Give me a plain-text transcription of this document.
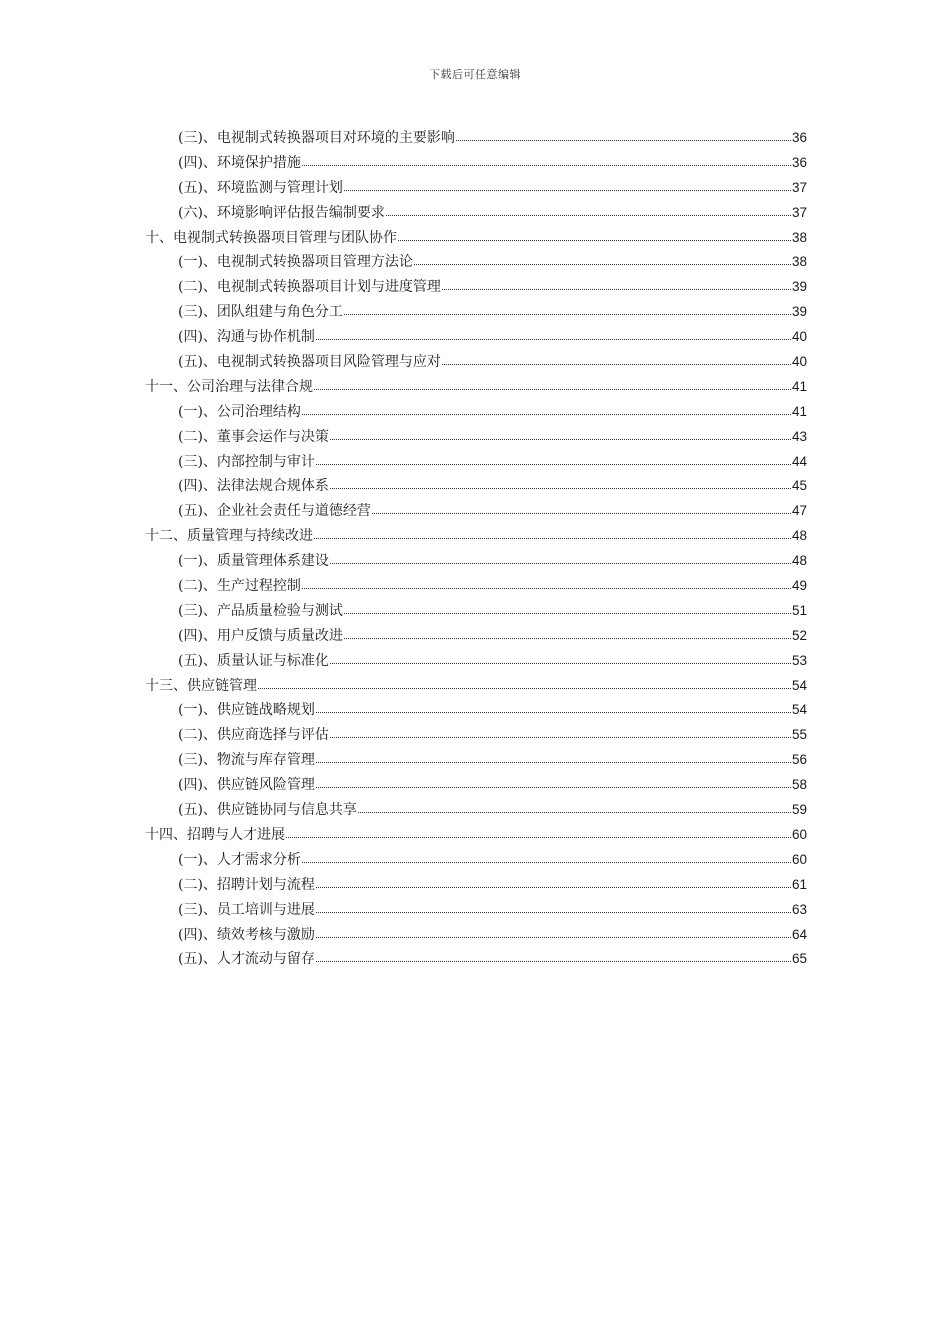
下载后可任意编辑
(三)、电视制式转换器项目对环境的主要影响	36
(四)、环境保护措施	36
(五)、环境监测与管理计划	37
(六)、环境影响评估报告编制要求	37
十、电视制式转换器项目管理与团队协作	38
(一)、电视制式转换器项目管理方法论	38
(二)、电视制式转换器项目计划与进度管理	39
(三)、团队组建与角色分工	39
(四)、沟通与协作机制	40
(五)、电视制式转换器项目风险管理与应对	40
十一、公司治理与法律合规	41
(一)、公司治理结构	41
(二)、董事会运作与决策	43
(三)、内部控制与审计	44
(四)、法律法规合规体系	45
(五)、企业社会责任与道德经营	47
十二、质量管理与持续改进	48
(一)、质量管理体系建设	48
(二)、生产过程控制	49
(三)、产品质量检验与测试	51
(四)、用户反馈与质量改进	52
(五)、质量认证与标准化	53
十三、供应链管理	54
(一)、供应链战略规划	54
(二)、供应商选择与评估	55
(三)、物流与库存管理	56
(四)、供应链风险管理	58
(五)、供应链协同与信息共享	59
十四、招聘与人才进展	60
(一)、人才需求分析	60
(二)、招聘计划与流程	61
(三)、员工培训与进展	63
(四)、绩效考核与激励	64
(五)、人才流动与留存	65
